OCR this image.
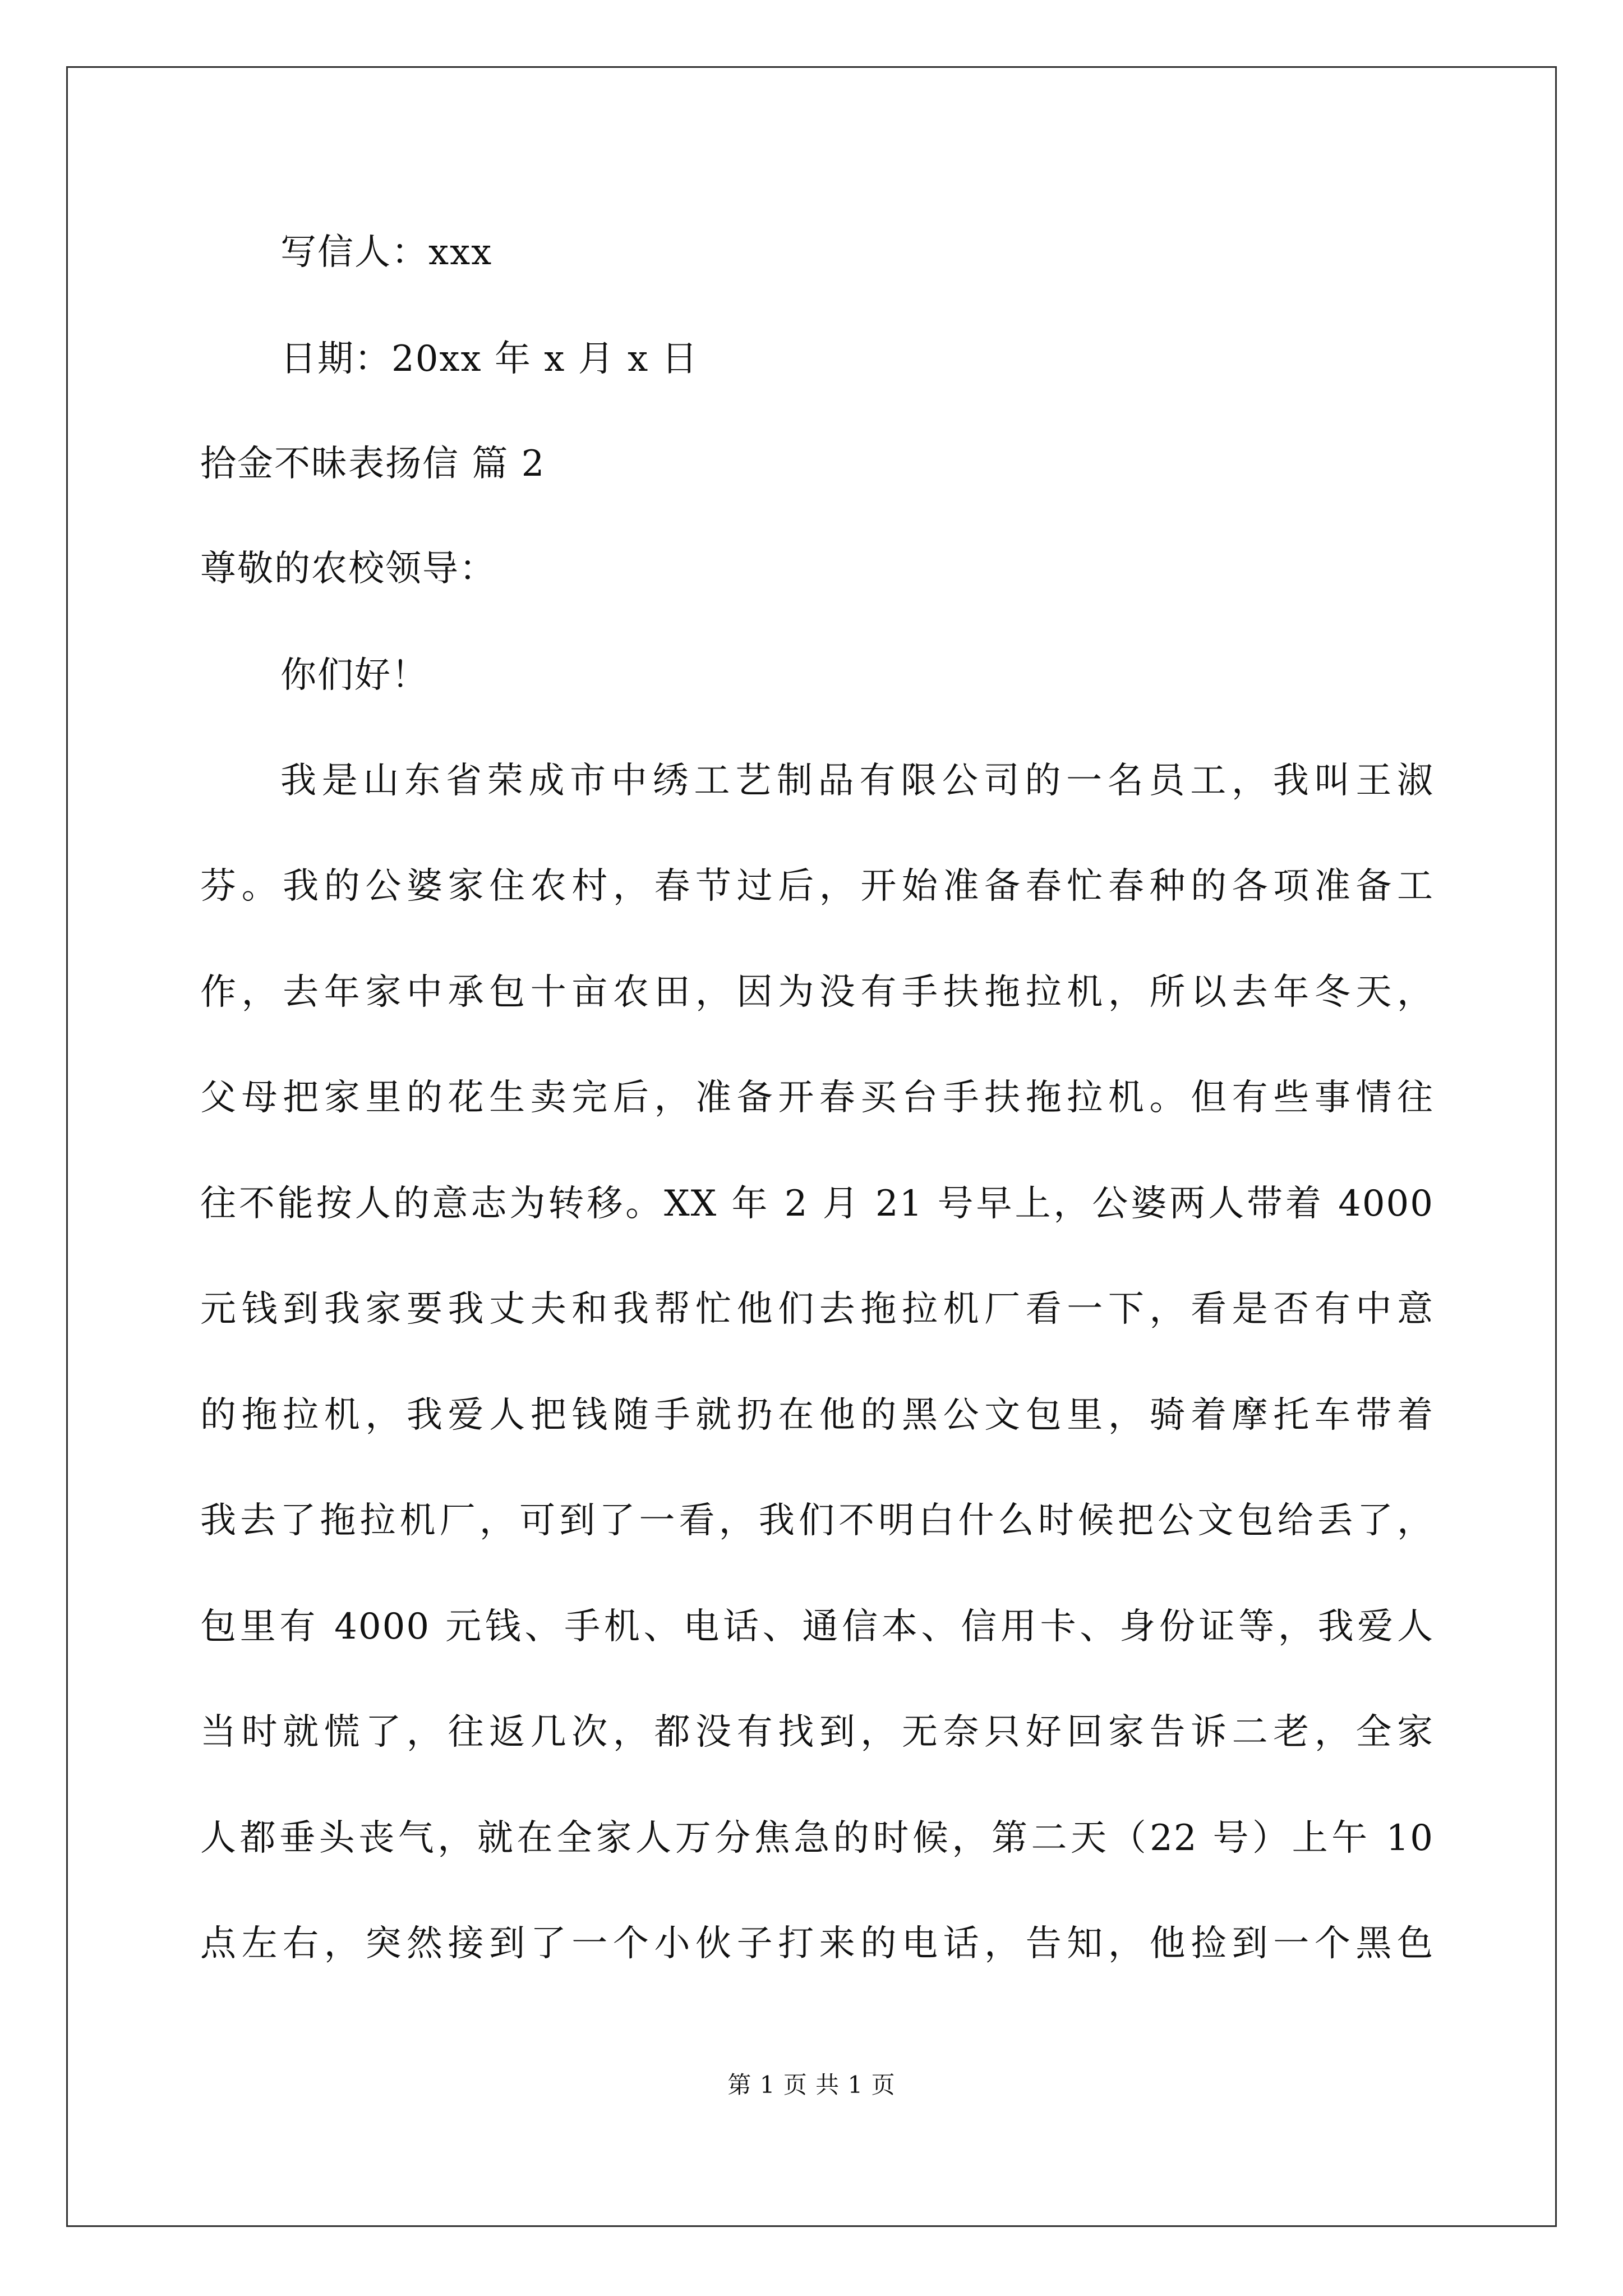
写信人：xxx
日期：20xx 年 x 月 x 日
拾金不昧表扬信 篇 2
尊敬的农校领导：
你们好！
我是山东省荣成市中绣工艺制品有限公司的一名员工，我叫王淑
芬。我的公婆家住农村，春节过后，开始准备春忙春种的各项准备工
作，去年家中承包十亩农田，因为没有手扶拖拉机，所以去年冬天，
父母把家里的花生卖完后，准备开春买台手扶拖拉机。但有些事情往
往不能按人的意志为转移。XX 年 2 月 21 号早上，公婆两人带着 4000
元钱到我家要我丈夫和我帮忙他们去拖拉机厂看一下，看是否有中意
的拖拉机，我爱人把钱随手就扔在他的黑公文包里，骑着摩托车带着
我去了拖拉机厂，可到了一看，我们不明白什么时候把公文包给丢了，
包里有 4000 元钱、手机、电话、通信本、信用卡、身份证等，我爱人
当时就慌了，往返几次，都没有找到，无奈只好回家告诉二老，全家
人都垂头丧气，就在全家人万分焦急的时候，第二天（22 号）上午 10
点左右，突然接到了一个小伙子打来的电话，告知，他捡到一个黑色
第 1 页 共 1 页
